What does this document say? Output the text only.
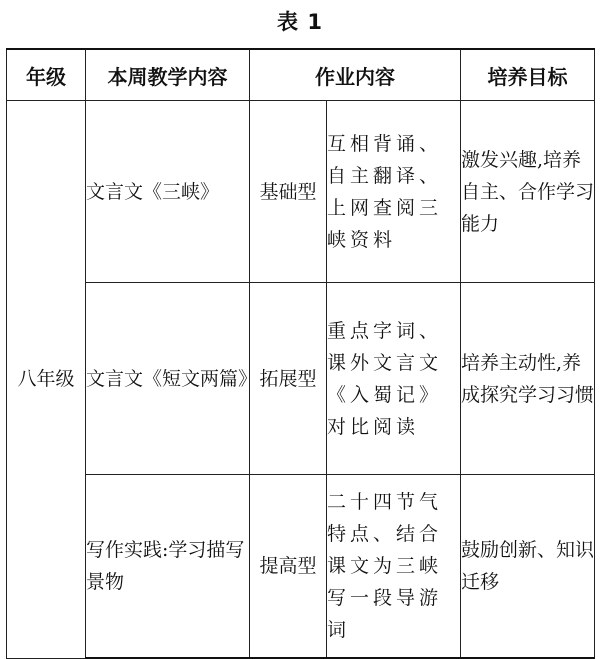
表 1
年级	本周教学内容	作业内容		培养目标
八年级	文言文《三峡》	基础型	互相背诵、自主翻译、上网查阅三峡资料	激发兴趣,培养自主、合作学习能力
	文言文《短文两篇》	拓展型	重点字词、课外文言文《入蜀记》对比阅读	培养主动性,养成探究学习习惯
	写作实践:学习描写景物	提高型	二十四节气特点、结合课文为三峡写一段导游词	鼓励创新、知识迁移
